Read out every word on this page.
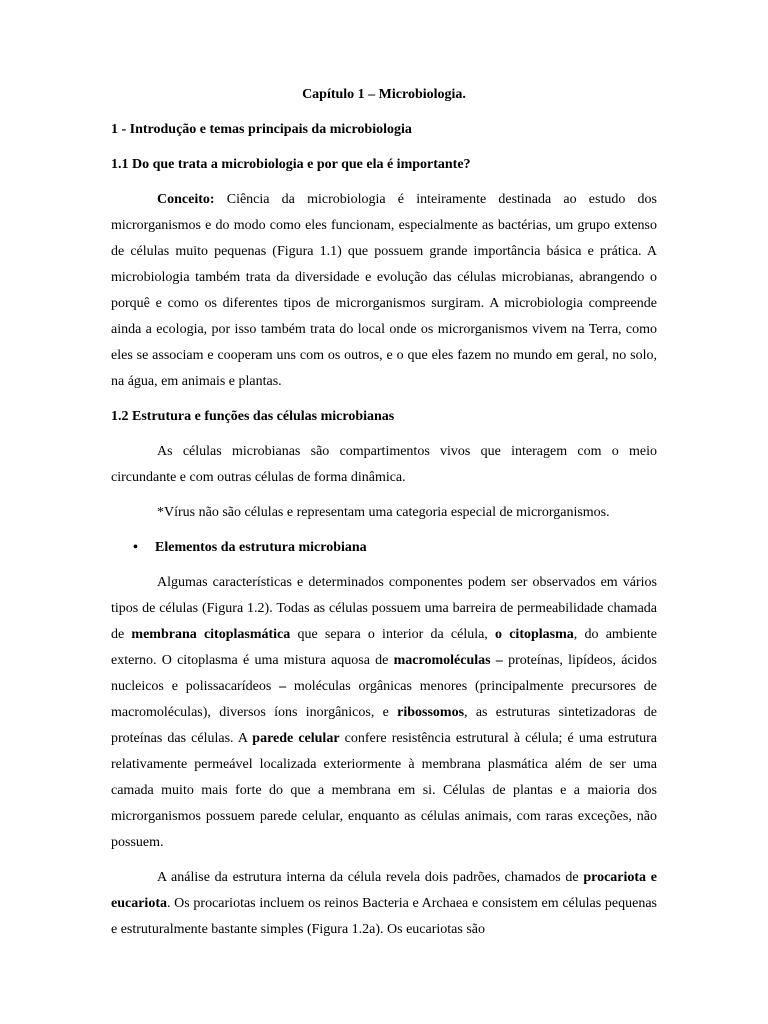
Capítulo 1 – Microbiologia.
1 - Introdução e temas principais da microbiologia
1.1 Do que trata a microbiologia e por que ela é importante?

Conceito: Ciência da microbiologia é inteiramente destinada ao estudo dos microrganismos e do modo como eles funcionam, especialmente as bactérias, um grupo extenso de células muito pequenas (Figura 1.1) que possuem grande importância básica e prática. A microbiologia também trata da diversidade e evolução das células microbianas, abrangendo o porquê e como os diferentes tipos de microrganismos surgiram. A microbiologia compreende ainda a ecologia, por isso também trata do local onde os microrganismos vivem na Terra, como eles se associam e cooperam uns com os outros, e o que eles fazem no mundo em geral, no solo, na água, em animais e plantas.

1.2 Estrutura e funções das células microbianas

As células microbianas são compartimentos vivos que interagem com o meio circundante e com outras células de forma dinâmica.

*Vírus não são células e representam uma categoria especial de microrganismos.

•	Elementos da estrutura microbiana

Algumas características e determinados componentes podem ser observados em vários tipos de células (Figura 1.2). Todas as células possuem uma barreira de permeabilidade chamada de membrana citoplasmática que separa o interior da célula, o citoplasma, do ambiente externo. O citoplasma é uma mistura aquosa de macromoléculas – proteínas, lipídeos, ácidos nucleicos e polissacarídeos – moléculas orgânicas menores (principalmente precursores de macromoléculas), diversos íons inorgânicos, e ribossomos, as estruturas sintetizadoras de proteínas das células. A parede celular confere resistência estrutural à célula; é uma estrutura relativamente permeável localizada exteriormente à membrana plasmática além de ser uma camada muito mais forte do que a membrana em si. Células de plantas e a maioria dos microrganismos possuem parede celular, enquanto as células animais, com raras exceções, não possuem.

A análise da estrutura interna da célula revela dois padrões, chamados de procariota e eucariota. Os procariotas incluem os reinos Bacteria e Archaea e consistem em células pequenas e estruturalmente bastante simples (Figura 1.2a). Os eucariotas são
